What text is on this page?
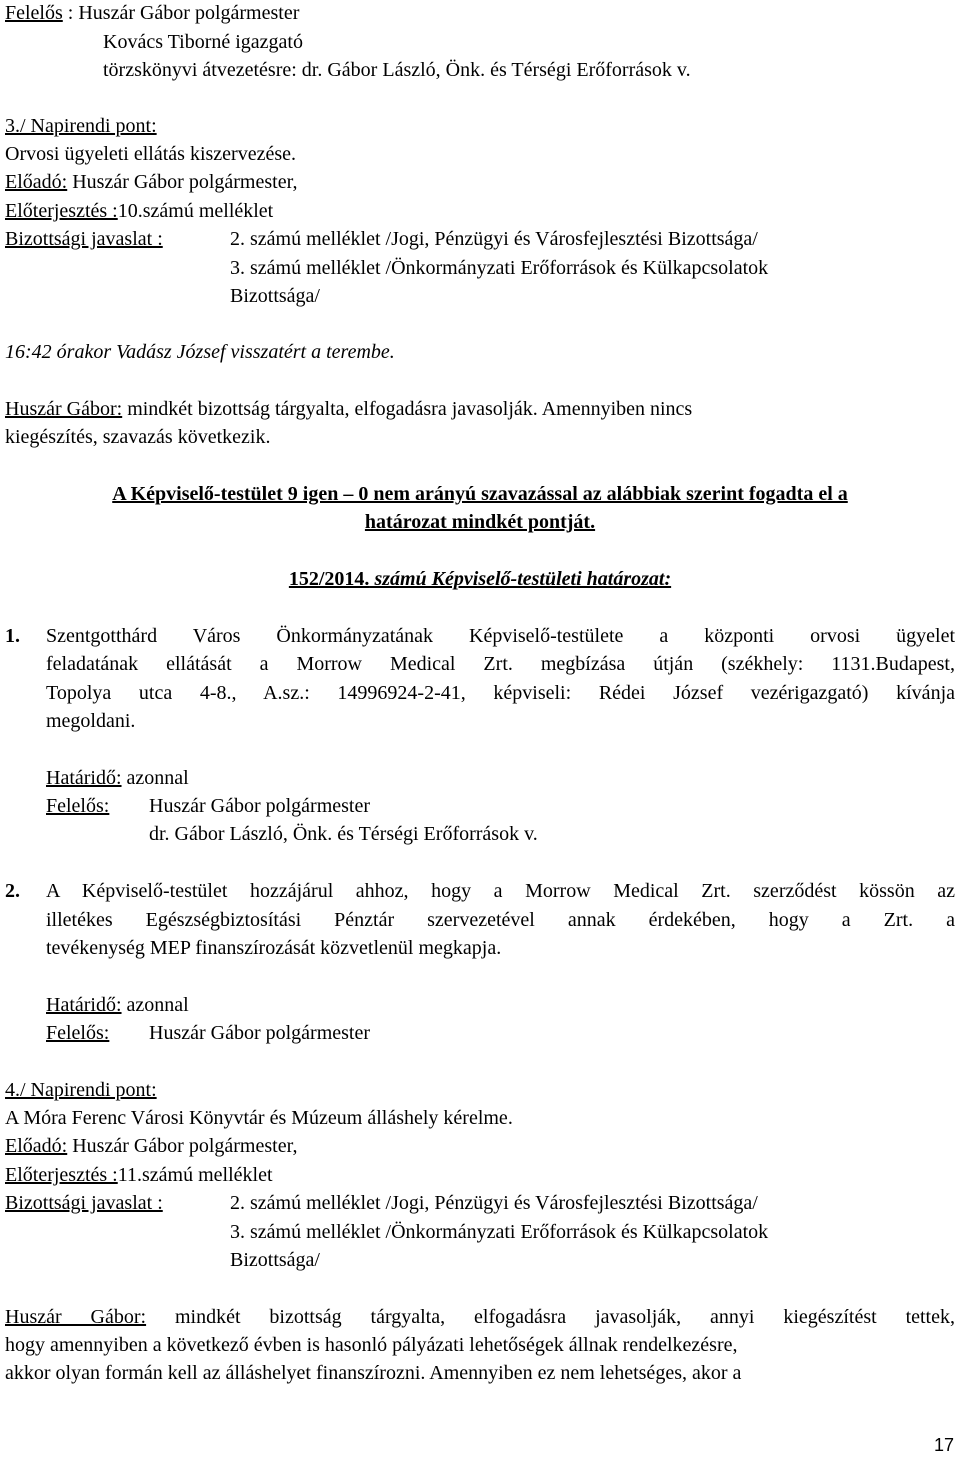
Felelős : Huszár Gábor polgármester
Kovács Tiborné igazgató
törzskönyvi átvezetésre: dr. Gábor László, Önk. és Térségi Erőforrások v.
3./ Napirendi pont:
Orvosi ügyeleti ellátás kiszervezése.
Előadó: Huszár Gábor polgármester,
Előterjesztés :10.számú melléklet
Bizottsági javaslat :	2. számú melléklet /Jogi, Pénzügyi és Városfejlesztési Bizottsága/
3. számú melléklet /Önkormányzati Erőforrások és Külkapcsolatok
Bizottsága/
16:42 órakor Vadász József visszatért a terembe.
Huszár Gábor: mindkét bizottság tárgyalta, elfogadásra javasolják. Amennyiben nincs
kiegészítés, szavazás következik.
A Képviselő-testület 9 igen – 0 nem arányú szavazással az alábbiak szerint fogadta el a
határozat mindkét pontját.
152/2014. számú Képviselő-testületi határozat:
1. Szentgotthárd Város Önkormányzatának Képviselő-testülete a központi orvosi ügyelet
feladatának ellátását a Morrow Medical Zrt. megbízása útján (székhely: 1131.Budapest,
Topolya utca 4-8., A.sz.: 14996924-2-41, képviseli: Rédei József vezérigazgató) kívánja
megoldani.
Határidő: azonnal
Felelős: Huszár Gábor polgármester
dr. Gábor László, Önk. és Térségi Erőforrások v.
2. A Képviselő-testület hozzájárul ahhoz, hogy a Morrow Medical Zrt. szerződést kössön az
illetékes Egészségbiztosítási Pénztár szervezetével annak érdekében, hogy a Zrt. a
tevékenység MEP finanszírozását közvetlenül megkapja.
Határidő: azonnal
Felelős: Huszár Gábor polgármester
4./ Napirendi pont:
A Móra Ferenc Városi Könyvtár és Múzeum álláshely kérelme.
Előadó: Huszár Gábor polgármester,
Előterjesztés :11.számú melléklet
Bizottsági javaslat :	2. számú melléklet /Jogi, Pénzügyi és Városfejlesztési Bizottsága/
3. számú melléklet /Önkormányzati Erőforrások és Külkapcsolatok
Bizottsága/
Huszár Gábor: mindkét bizottság tárgyalta, elfogadásra javasolják, annyi kiegészítést tettek,
hogy amennyiben a következő évben is hasonló pályázati lehetőségek állnak rendelkezésre,
akkor olyan formán kell az álláshelyet finanszírozni. Amennyiben ez nem lehetséges, akor a
17
